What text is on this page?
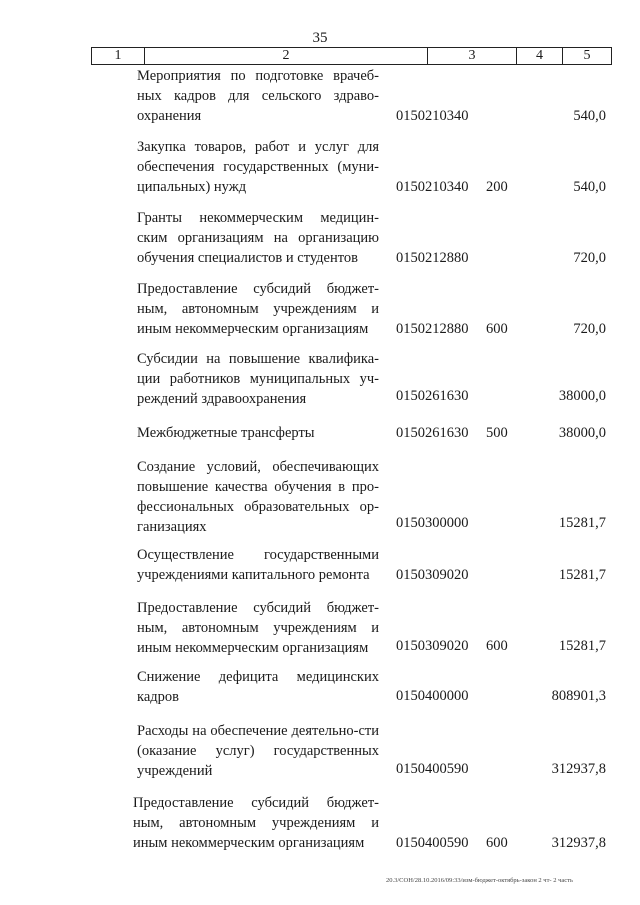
35
1	2	3	4	5
Мероприятия по подготовке врачеб-ных кадров для сельского здраво-охранения	0150210340	540,0
Закупка товаров, работ и услуг для обеспечения государственных (муни-ципальных) нужд	0150210340 200	540,0
Гранты некоммерческим медицин-ским организациям на организацию обучения специалистов и студентов	0150212880	720,0
Предоставление субсидий бюджет-ным, автономным учреждениям и иным некоммерческим организациям	0150212880 600	720,0
Субсидии на повышение квалифика-ции работников муниципальных уч-реждений здравоохранения	0150261630	38000,0
Межбюджетные трансферты	0150261630 500	38000,0
Создание условий, обеспечивающих повышение качества обучения в про-фессиональных образовательных ор-ганизациях	0150300000	15281,7
Осуществление государственными учреждениями капитального ремонта	0150309020	15281,7
Предоставление субсидий бюджет-ным, автономным учреждениям и иным некоммерческим организациям	0150309020 600	15281,7
Снижение дефицита медицинских кадров	0150400000	808901,3
Расходы на обеспечение деятельно-сти (оказание услуг) государственных учреждений	0150400590	312937,8
Предоставление субсидий бюджет-ным, автономным учреждениям и иным некоммерческим организациям	0150400590 600	312937,8
20.3/СОН/28.10.2016/09:33/изм-бюджет-октябрь-закон 2 чт- 2 часть
